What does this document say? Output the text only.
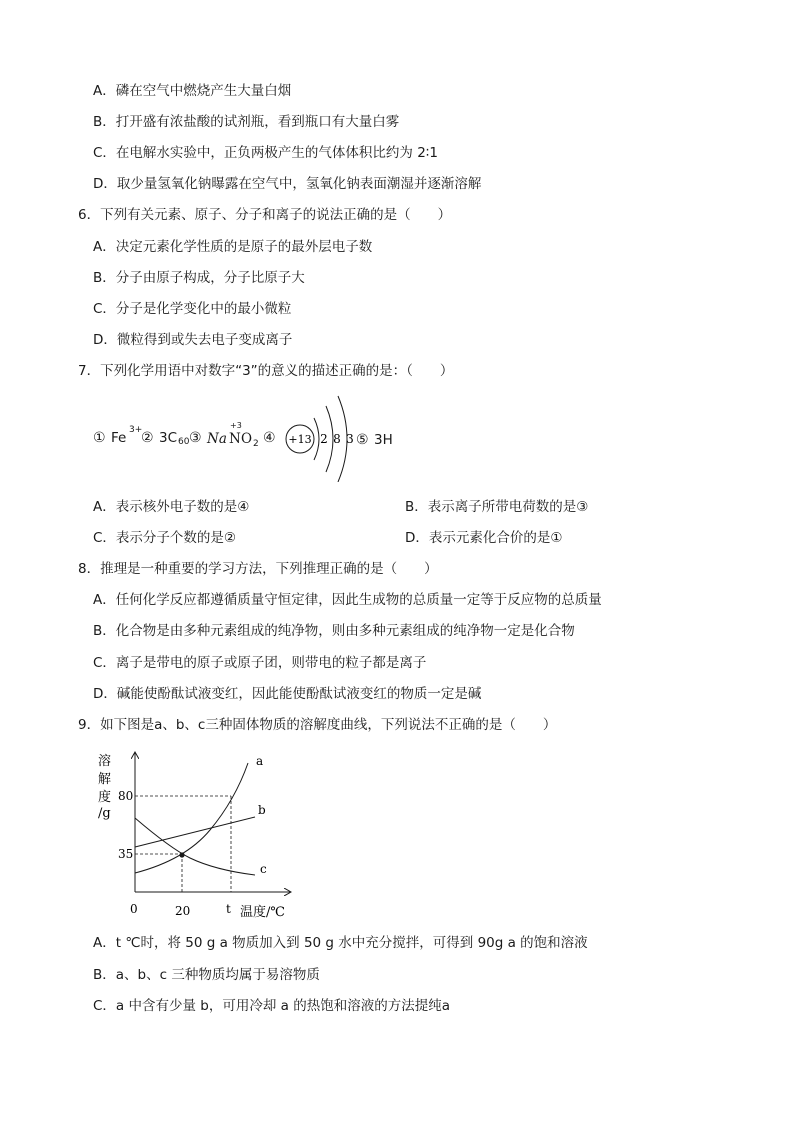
A．磷在空气中燃烧产生大量白烟
B．打开盛有浓盐酸的试剂瓶，看到瓶口有大量白雾
C．在电解水实验中，正负两极产生的气体体积比约为 2∶1
D．取少量氢氧化钠曝露在空气中，氢氧化钠表面潮湿并逐渐溶解
6．下列有关元素、原子、分子和离子的说法正确的是（　　）
A．决定元素化学性质的是原子的最外层电子数
B．分子由原子构成，分子比原子大
C．分子是化学变化中的最小微粒
D．微粒得到或失去电子变成离子
7．下列化学用语中对数字“3”的意义的描述正确的是：（　　）
① Fe 3+
② 3C 60 ③ Na
+3
N O 2 ④ +13 2 8 3 ⑤ 3H
A．表示核外电子数的是④	B．表示离子所带电荷数的是③
C．表示分子个数的是②	D．表示元素化合价的是①
8．推理是一种重要的学习方法，下列推理正确的是（　　）
A．任何化学反应都遵循质量守恒定律，因此生成物的总质量一定等于反应物的总质量
B．化合物是由多种元素组成的纯净物，则由多种元素组成的纯净物一定是化合物
C．离子是带电的原子或原子团，则带电的粒子都是离子
D．碱能使酚酞试液变红，因此能使酚酞试液变红的物质一定是碱
9．如下图是a、b、c三种固体物质的溶解度曲线，下列说法不正确的是（　　）
溶
解
度
/g
a
b
c
80
35
0	20	t 温度/℃
A．t ℃时，将 50 g a 物质加入到 50 g 水中充分搅拌，可得到 90g a 的饱和溶液
B．a、b、c 三种物质均属于易溶物质
C．a 中含有少量 b，可用冷却 a 的热饱和溶液的方法提纯a
